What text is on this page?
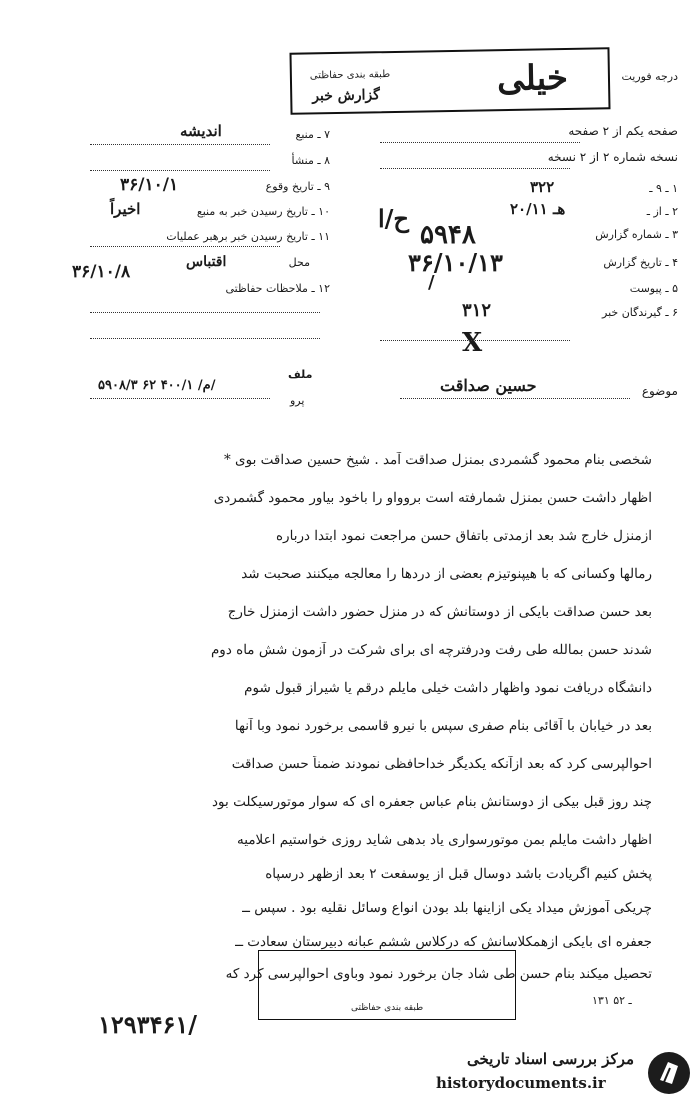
درجه فوریت
خیلی
طبقه بندی حفاظتی
گزارش خبر
صفحه یکم از ۲ صفحه
نسخه شماره ۲ از ۲ نسخه
۱ ـ ۹ ـ
۳۲۲
۲ ـ از ـ
۲۰/۱۱ هـ
۳ ـ شماره گزارش
۵۹۴۸
۴ ـ تاریخ گزارش
۳۶/۱۰/۱۳
۵ ـ پیوست
/
۶ ـ گیرندگان خبر
۳۱۲
ح/ا
X
۷ ـ منبع
اندیشه
۸ ـ منشأ
۹ ـ تاریخ وقوع
۳۶/۱۰/۱
۱۰ ـ تاریخ رسیدن خبر به منبع
اخیراً
۱۱ ـ تاریخ رسیدن خبر برهبر عملیات
محل
اقتباس
۳۶/۱۰/۸
۱۲ ـ ملاحظات حفاظتی
موضوع
حسین صداقت
ملف
پرو
۵۹۰۸/۳ م/ ۴۰۰/۱ ۶۲/
شخصی بنام محمود گشمردی بمنزل صداقت آمد . شیخ حسین صداقت بوی *
اظهار داشت حسن بمنزل شمارفته است بروواو را باخود بیاور محمود گشمردی
ازمنزل خارج شد بعد ازمدتی باتفاق حسن مراجعت نمود ابتدا درباره
رمالها وکسانی که با هیپنوتیزم بعضی از دردها را معالجه میکنند صحبت شد
بعد حسن صداقت بایکی از دوستانش که در منزل حضور داشت ازمنزل خارج
شدند حسن بمالله طی رفت ودرفترچه ای برای شرکت در آزمون شش ماه دوم
دانشگاه دریافت نمود واظهار داشت خیلی مایلم درقم یا شیراز قبول شوم
بعد در خیابان با آقائی بنام صفری سپس با نیرو قاسمی برخورد نمود وبا آنها
احوالپرسی کرد که بعد ازآنکه یکدیگر خداحافظی نمودند ضمناً حسن صداقت
چند روز قبل بیکی از دوستانش بنام عباس جعفره ای که سوار موتورسیکلت بود
اظهار داشت مایلم بمن موتورسواری یاد بدهی شاید روزی خواستیم اعلامیه
پخش کنیم اگریادت باشد دوسال قبل از یوسفعت ۲ بعد ازظهر درسپاه
چریکی آموزش میداد یکی ازاینها بلد بودن انواع وسائل نقلیه بود . سپس ــ
جعفره ای بایکی ازهمکلاسانش که درکلاس ششم عبانه دبیرستان سعادت ــ
تحصیل میکند بنام حسن طی شاد جان برخورد نمود وباوی احوالپرسی کرد که
طبقه بندی حفاظتی
۱۳۱ ـ ۵۲
۱۲۹۳۴۶۱/
مرکز بررسی اسناد تاریخی
historydocuments.ir
